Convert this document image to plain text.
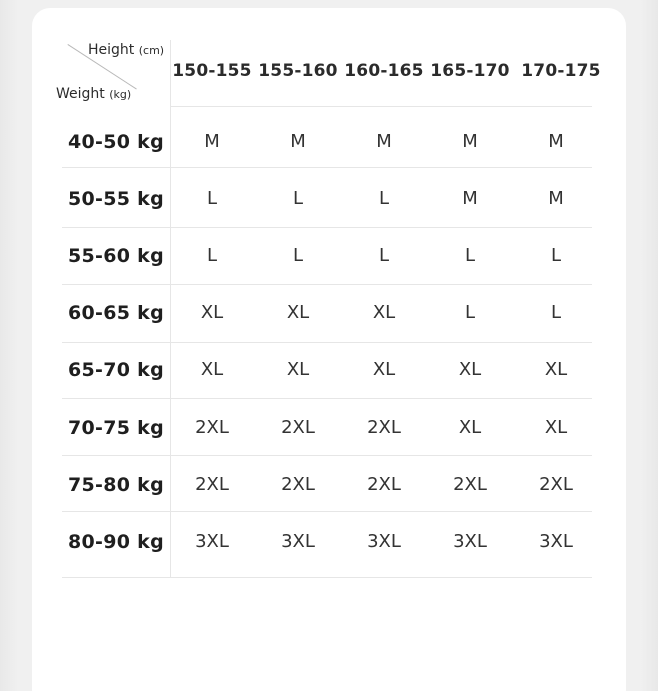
Height (cm)
Weight (kg)
150-155 155-160 160-165 165-170 170-175
40-50 kg	M	M	M	M	M
50-55 kg	L	L	L	M	M
55-60 kg	L	L	L	L	L
60-65 kg	XL	XL	XL	L	L
65-70 kg	XL	XL	XL	XL	XL
70-75 kg	2XL	2XL	2XL	XL	XL
75-80 kg	2XL	2XL	2XL	2XL	2XL
80-90 kg	3XL	3XL	3XL	3XL	3XL
